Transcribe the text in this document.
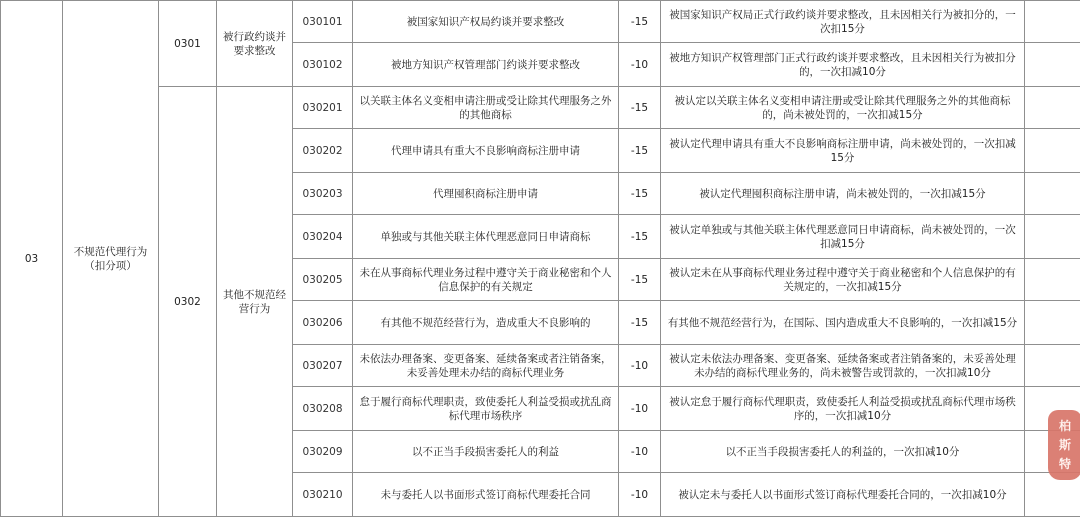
03	不规范代理行为（扣分项）	0301	被行政约谈并要求整改	030101	被国家知识产权局约谈并要求整改	-15	被国家知识产权局正式行政约谈并要求整改，且未因相关行为被扣分的，一次扣15分	
				030102	被地方知识产权管理部门约谈并要求整改	-10	被地方知识产权管理部门正式行政约谈并要求整改，且未因相关行为被扣分的，一次扣减10分	
		0302	其他不规范经营行为	030201	以关联主体名义变相申请注册或受让除其代理服务之外的其他商标	-15	被认定以关联主体名义变相申请注册或受让除其代理服务之外的其他商标的，尚未被处罚的，一次扣减15分	
				030202	代理申请具有重大不良影响商标注册申请	-15	被认定代理申请具有重大不良影响商标注册申请，尚未被处罚的，一次扣减15分	
				030203	代理囤积商标注册申请	-15	被认定代理囤积商标注册申请，尚未被处罚的，一次扣减15分	
				030204	单独或与其他关联主体代理恶意同日申请商标	-15	被认定单独或与其他关联主体代理恶意同日申请商标，尚未被处罚的，一次扣减15分	
				030205	未在从事商标代理业务过程中遵守关于商业秘密和个人信息保护的有关规定	-15	被认定未在从事商标代理业务过程中遵守关于商业秘密和个人信息保护的有关规定的，一次扣减15分	
				030206	有其他不规范经营行为，造成重大不良影响的	-15	有其他不规范经营行为，在国际、国内造成重大不良影响的，一次扣减15分	
				030207	未依法办理备案、变更备案、延续备案或者注销备案，未妥善处理未办结的商标代理业务	-10	被认定未依法办理备案、变更备案、延续备案或者注销备案的，未妥善处理未办结的商标代理业务的，尚未被警告或罚款的，一次扣减10分	
				030208	怠于履行商标代理职责，致使委托人利益受损或扰乱商标代理市场秩序	-10	被认定怠于履行商标代理职责，致使委托人利益受损或扰乱商标代理市场秩序的，一次扣减10分	
				030209	以不正当手段损害委托人的利益	-10	以不正当手段损害委托人的利益的，一次扣减10分	
				030210	未与委托人以书面形式签订商标代理委托合同	-10	被认定未与委托人以书面形式签订商标代理委托合同的，一次扣减10分	
柏
斯
特
